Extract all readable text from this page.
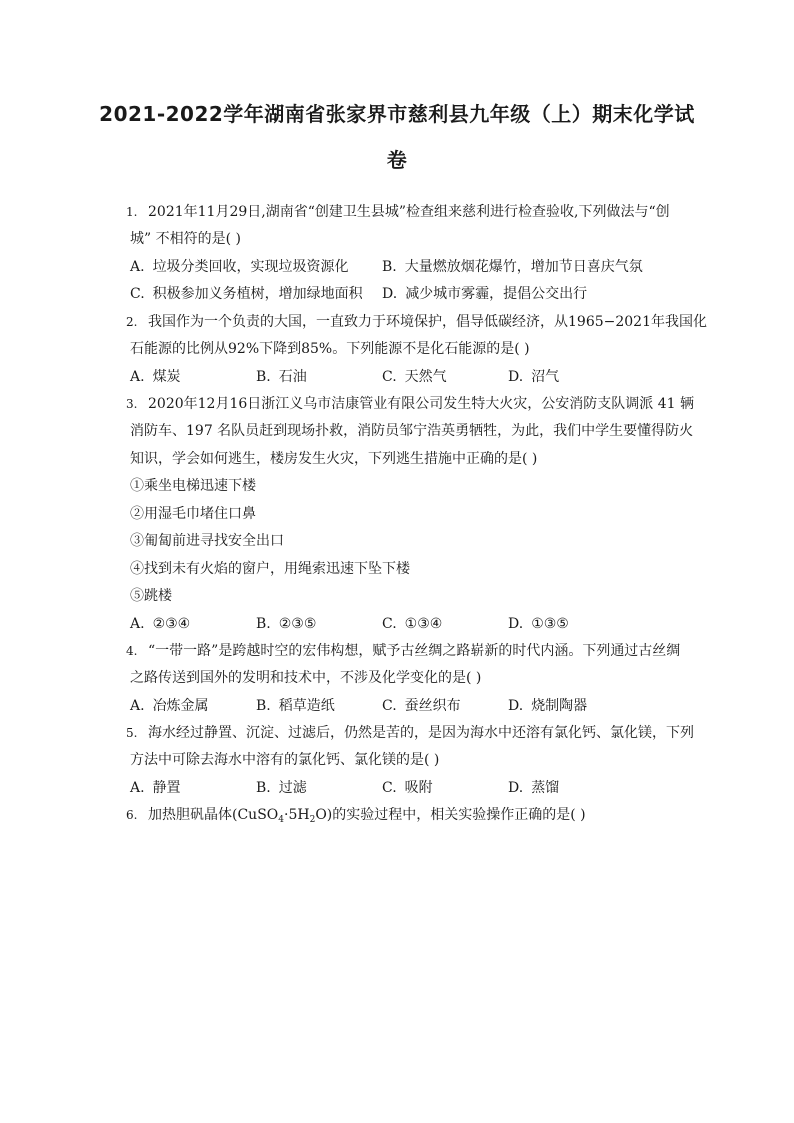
2021-2022学年湖南省张家界市慈利县九年级（上）期末化学试
卷
1. 2021年11月29日,湖南省“创建卫生县城”检查组来慈利进行检查验收,下列做法与“创
城” 不相符的是( )
A. 垃圾分类回收，实现垃圾资源化 B. 大量燃放烟花爆竹，增加节日喜庆气氛
C. 积极参加义务植树，增加绿地面积 D. 减少城市雾霾，提倡公交出行
2. 我国作为一个负责的大国，一直致力于环境保护，倡导低碳经济，从1965−2021年我国化
石能源的比例从92%下降到85%。下列能源不是化石能源的是( )
A. 煤炭	B. 石油	C. 天然气	D. 沼气
3. 2020年12月16日浙江义乌市洁康管业有限公司发生特大火灾，公安消防支队调派 41 辆
消防车、197 名队员赶到现场扑救，消防员邹宁浩英勇牺牲，为此，我们中学生要懂得防火
知识，学会如何逃生，楼房发生火灾，下列逃生措施中正确的是( )
①乘坐电梯迅速下楼
②用湿毛巾堵住口鼻
③匍匐前进寻找安全出口
④找到未有火焰的窗户，用绳索迅速下坠下楼
⑤跳楼
A. ②③④	B. ②③⑤	C. ①③④	D. ①③⑤
4. “一带一路”是跨越时空的宏伟构想，赋予古丝绸之路崭新的时代内涵。下列通过古丝绸
之路传送到国外的发明和技术中，不涉及化学变化的是( )
A. 冶炼金属	B. 稻草造纸	C. 蚕丝织布	D. 烧制陶器
5. 海水经过静置、沉淀、过滤后，仍然是苦的，是因为海水中还溶有氯化钙、氯化镁，下列
方法中可除去海水中溶有的氯化钙、氯化镁的是( )
A. 静置	B. 过滤	C. 吸附	D. 蒸馏
6. 加热胆矾晶体$(CuSO_4\cdot 5H_2O)$的实验过程中，相关实验操作正确的是( )
